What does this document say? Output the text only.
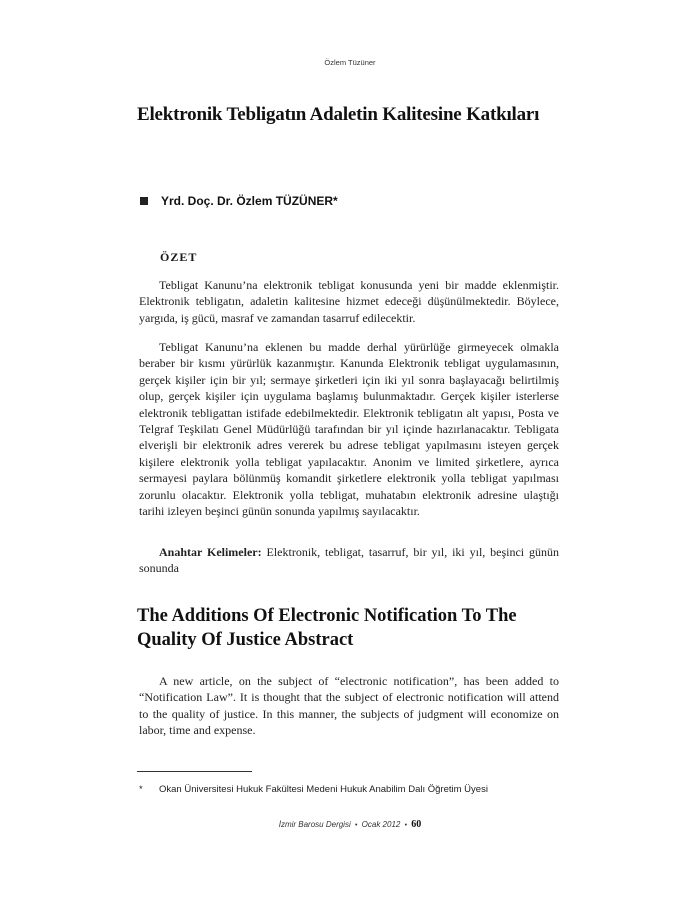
Özlem Tüzüner
Elektronik Tebligatın Adaletin Kalitesine Katkıları
Yrd. Doç. Dr. Özlem TÜZÜNER*
ÖZET

Tebligat Kanunu’na elektronik tebligat konusunda yeni bir madde eklenmiştir. Elektronik tebligatın, adaletin kalitesine hizmet edeceği düşünülmektedir. Böylece, yargıda, iş gücü, masraf ve zamandan tasarruf edilecektir.

Tebligat Kanunu’na eklenen bu madde derhal yürürlüğe girmeyecek olmakla beraber bir kısmı yürürlük kazanmıştır. Kanunda Elektronik tebligat uygulamasının, gerçek kişiler için bir yıl; sermaye şirketleri için iki yıl sonra başlayacağı belirtilmiş olup, gerçek kişiler için uygulama başlamış bulunmaktadır. Gerçek kişiler isterlerse elektronik tebligattan istifade edebilmektedir. Elektronik tebligatın alt yapısı, Posta ve Telgraf Teşkilatı Genel Müdürlüğü tarafından bir yıl içinde hazırlanacaktır. Tebligata elverişli bir elektronik adres vererek bu adrese tebligat yapılmasını isteyen gerçek kişilere elektronik yolla tebligat yapılacaktır. Anonim ve limited şirketlere, ayrıca sermayesi paylara bölünmüş komandit şirketlere elektronik yolla tebligat yapılması zorunlu olacaktır. Elektronik yolla tebligat, muhatabın elektronik adresine ulaştığı tarihi izleyen beşinci günün sonunda yapılmış sayılacaktır.

Anahtar Kelimeler: Elektronik, tebligat, tasarruf, bir yıl, iki yıl, beşinci günün sonunda

The Additions Of Electronic Notification To The Quality Of Justice Abstract

A new article, on the subject of “electronic notification”, has been added to “Notification Law”. It is thought that the subject of electronic notification will attend to the quality of justice. In this manner, the subjects of judgment will economize on labor, time and expense.

* Okan Üniversitesi Hukuk Fakültesi Medeni Hukuk Anabilim Dalı Öğretim Üyesi
İzmir Barosu Dergisi • Ocak 2012 • 60
